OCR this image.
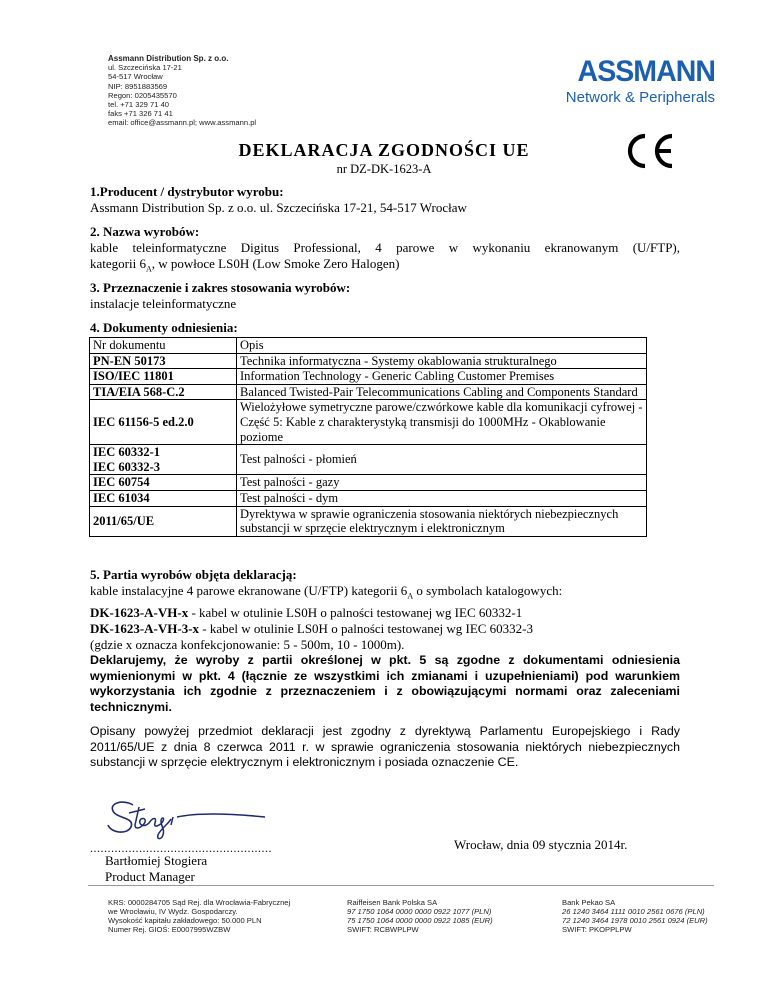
Assmann Distribution Sp. z o.o.
ul. Szczecińska 17-21
54-517 Wrocław
NIP: 8951883569
Regon: 0205435570
tel. +71 329 71 40
faks +71 326 71 41
email: office@assmann.pl; www.assmann.pl
ASSMANN
Network & Peripherals
DEKLARACJA ZGODNOŚCI UE
nr DZ-DK-1623-A
1.Producent / dystrybutor wyrobu:
Assmann Distribution Sp. z o.o. ul. Szczecińska 17-21, 54-517 Wrocław
2. Nazwa wyrobów:
kable teleinformatyczne Digitus Professional, 4 parowe w wykonaniu ekranowanym (U/FTP),
kategorii $6_A$, w powłoce LS0H (Low Smoke Zero Halogen)
3. Przeznaczenie i zakres stosowania wyrobów:
instalacje teleinformatyczne
4. Dokumenty odniesienia:
Nr dokumentu	Opis
PN-EN 50173	Technika informatyczna - Systemy okablowania strukturalnego
ISO/IEC 11801	Information Technology - Generic Cabling Customer Premises
TIA/EIA 568-C.2	Balanced Twisted-Pair Telecommunications Cabling and Components Standard
IEC 61156-5 ed.2.0	Wielożyłowe symetryczne parowe/czwórkowe kable dla komunikacji cyfrowej - Część 5: Kable z charakterystyką transmisji do 1000MHz - Okablowanie poziome

IEC 60332-1
IEC 60332-3	Test palności - płomień
IEC 60754	Test palności - gazy
IEC 61034	Test palności - dym
2011/65/UE	Dyrektywa w sprawie ograniczenia stosowania niektórych niebezpiecznych substancji w sprzęcie elektrycznym i elektronicznym
5. Partia wyrobów objęta deklaracją:
kable instalacyjne 4 parowe ekranowane (U/FTP) kategorii $6_A$ o symbolach katalogowych:
DK-1623-A-VH-x - kabel w otulinie LS0H o palności testowanej wg IEC 60332-1
DK-1623-A-VH-3-x - kabel w otulinie LS0H o palności testowanej wg IEC 60332-3
(gdzie x oznacza konfekcjonowanie: 5 - 500m, 10 - 1000m).
Deklarujemy, że wyroby z partii określonej w pkt. 5 są zgodne z dokumentami odniesienia wymienionymi w pkt. 4 (łącznie ze wszystkimi ich zmianami i uzupełnieniami) pod warunkiem wykorzystania ich zgodnie z przeznaczeniem i z obowiązującymi normami oraz zaleceniami technicznymi.
Opisany powyżej przedmiot deklaracji jest zgodny z dyrektywą Parlamentu Europejskiego i Rady 2011/65/UE z dnia 8 czerwca 2011 r. w sprawie ograniczenia stosowania niektórych niebezpiecznych substancji w sprzęcie elektrycznym i elektronicznym i posiada oznaczenie CE.
....................................................
Bartłomiej Stogiera
Product Manager
Wrocław, dnia 09 stycznia 2014r.
KRS: 0000284705 Sąd Rej. dla Wrocławia-Fabrycznej
we Wrocławiu, IV Wydz. Gospodarczy.
Wysokość kapitału zakładowego: 50.000 PLN
Numer Rej. GIOŚ: E0007995WZBW
Raiffeisen Bank Polska SA
97 1750 1064 0000 0000 0922 1077 (PLN)
75 1750 1064 0000 0000 0922 1085 (EUR)
SWIFT: RCBWPLPW
Bank Pekao SA
26 1240 3464 1111 0010 2561 0676 (PLN)
72 1240 3464 1978 0010 2561 0924 (EUR)
SWIFT: PKOPPLPW
